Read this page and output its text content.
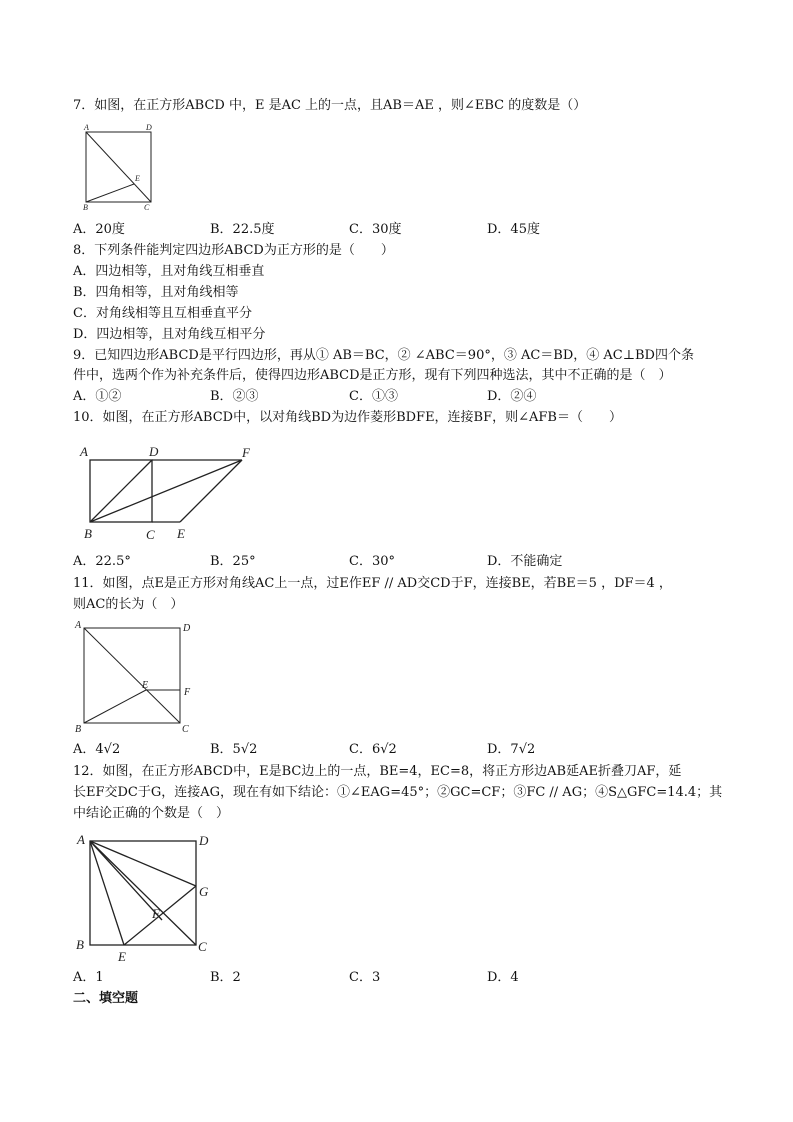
7．如图，在正方形ABCD 中，E 是AC 上的一点，且AB＝AE ，则∠EBC 的度数是（）
A	D
E
B	C
A．20度	B．22.5度	C．30度	D．45度
8．下列条件能判定四边形ABCD为正方形的是（　　）
A．四边相等，且对角线互相垂直
B．四角相等，且对角线相等
C．对角线相等且互相垂直平分
D．四边相等，且对角线互相平分
9．已知四边形ABCD是平行四边形，再从① AB＝BC，② ∠ABC＝90°，③ AC＝BD，④ AC⊥BD四个条
件中，选两个作为补充条件后，使得四边形ABCD是正方形，现有下列四种选法，其中不正确的是（　）
A．①②	B．②③	C．①③	D．②④
10．如图，在正方形ABCD中，以对角线BD为边作菱形BDFE，连接BF，则∠AFB＝（　　）
A	D	F
B	C E
A．22.5°	B．25°	C．30°	D．不能确定
11．如图，点E是正方形对角线AC上一点，过E作EF // AD交CD于F，连接BE，若BE＝5 ，DF＝4 ，
则AC的长为（　）
A	D
E
F
B	C
A．4√2	B．5√2	C．6√2	D．7√2
12．如图，在正方形ABCD中，E是BC边上的一点，BE=4，EC=8，将正方形边AB延AE折叠刀AF，延
长EF交DC于G，连接AG，现在有如下结论：①∠EAG=45°；②GC=CF；③FC // AG；④S△GFC=14.4；其
中结论正确的个数是（　）
A	D
G
F
B
E
C
A．1	B．2	C．3	D．4
二、填空题
